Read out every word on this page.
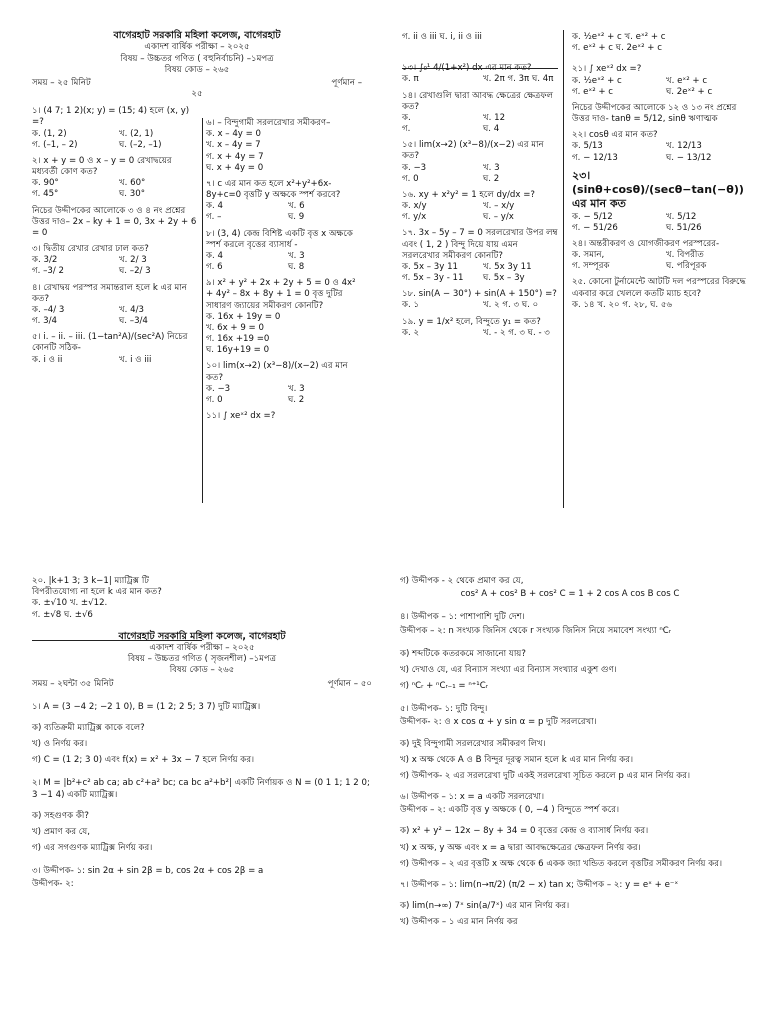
বাগেরহাট সরকারি মহিলা কলেজ, বাগেরহাট
একাদশ বার্ষিক পরীক্ষা – ২০২৫
বিষয় – উচ্চতর গণিত ( বহুনির্বাচনি) –১মপত্র
বিষয় কোড – ২৬৫
সময় – ২৫ মিনিট	পূর্ণমান –
২৫
১। (4 7; 1 2)(x; y) = (15; 4) হলে (x, y) =?
ক. (1, 2)	খ. (2, 1)
গ. (–1, – 2)	ঘ. (–2, –1)
২। x + y = 0 ও x – y = 0 রেখাদ্বয়ের মধ্যবর্তী কোণ কত?
ক. 90°	খ. 60°
গ. 45°	ঘ. 30°
নিচের উদ্দীপকের আলোকে ৩ ও ৪ নং প্রশ্নের উত্তর দাও– 2x – ky + 1 = 0, 3x + 2y + 6 = 0
৩। দ্বিতীয় রেখার রেখার ঢাল কত?
ক. 3/2	খ. 2/ 3
গ. –3/ 2	ঘ. –2/ 3
৪। রেখাদ্বয় পরস্পর সমান্তরাল হলে k এর মান কত?
ক. –4/ 3	খ. 4/3
গ. 3/4	ঘ. –3/4
৫। i. – ii. – iii. (1−tan²A)/(sec²A) নিচের কোনটি সঠিক-
ক. i ও ii	খ. i ও iii
৬। – বিন্দুগামী সরলরেখার সমীকরণ–
ক. x – 4y = 0
খ. x – 4y = 7
গ. x + 4y = 7
ঘ. x + 4y = 0
৭। c এর মান কত হলে x²+y²+6x-8y+c=0 বৃত্তটি y অক্ষকে স্পর্শ করবে?
ক. 4	খ. 6
গ. –	ঘ. 9
৮। (3, 4) কেন্দ্র বিশিষ্ট একটি বৃত্ত x অক্ষকে স্পর্শ করলে বৃত্তের ব্যাসার্ধ -
ক. 4	খ. 3
গ. 6	ঘ. 8
৯। x² + y² + 2x + 2y + 5 = 0 ও 4x² + 4y² – 8x + 8y + 1 = 0 বৃত্ত দুটির সাধারণ জ্যায়ের সমীকরণ কোনটি?
ক. 16x + 19y = 0
খ. 6x + 9 = 0
গ. 16x +19 =0
ঘ. 16y+19 = 0
১০। lim(x→2) (x³−8)/(x−2) এর মান কত?
ক. −3	খ. 3
গ. 0	ঘ. 2
১১। ∫ xeˣ² dx =?
গ. ii ও iii ঘ. i, ii ও iii
১৩। ∫₀¹ 4/(1+x²) dx এর মান কত?
ক. π	খ. 2π গ. 3π ঘ. 4π
১৪। রেখাগুলি দ্বারা আবদ্ধ ক্ষেত্রের ক্ষেত্রফল কত?
ক.	খ. 12
গ.	ঘ. 4
১৫। lim(x→2) (x³−8)/(x−2) এর মান কত?
ক. −3	খ. 3
গ. 0	ঘ. 2
১৬. xy + x²y² = 1 হলে dy/dx =?
ক. x/y	খ. – x/y
গ. y/x	ঘ. – y/x
১৭. 3x – 5y – 7 = 0 সরলরেখার উপর লম্ব এবং ( 1, 2 ) বিন্দু দিয়ে যায় এমন সরলরেখার সমীকরণ কোনটি?
ক. 5x – 3y 11	খ. 5x 3y 11
গ. 5x – 3y - 11	ঘ. 5x – 3y
১৮. sin(A − 30°) + sin(A + 150°) =?
ক. ১	খ. ২ গ. ৩ ঘ. ০
১৯. y = 1/x² হলে, বিন্দুতে y₁ = কত?
ক. ২	খ. - ২ গ. ৩ ঘ. - ৩
ক. ½eˣ² + c খ. eˣ² + c
গ. eˣ² + c ঘ. 2eˣ² + c
২১। ∫ xeˣ² dx =?
ক. ½eˣ² + c	খ. eˣ² + c
গ. eˣ² + c	ঘ. 2eˣ² + c
নিচের উদ্দীপকের আলোকে ১২ ও ১৩ নং প্রশ্নের উত্তর দাও- tanθ = 5/12, sinθ ঋণাত্মক
২২। cosθ এর মান কত?
ক. 5/13	খ. 12/13
গ. − 12/13	ঘ. − 13/12
২৩। (sinθ+cosθ)/(secθ−tan(−θ)) এর মান কত
ক. − 5/12	খ. 5/12
গ. − 51/26	ঘ. 51/26
২৪। অন্তরীকরণ ও যোগজীকরণ পরস্পরের-
ক. সমান,	খ. বিপরীত
গ. সম্পূরক	ঘ. পরিপূরক
২৫. কোনো টুর্নামেন্টে আটটি দল পরস্পরের বিরুদ্ধে একবার করে খেললে কতটি ম্যাচ হবে?
ক. ১৪ খ. ২০ গ. ২৮, ঘ. ৫৬
২০. |k+1 3; 3 k−1| ম্যাট্রিক্স টি
বিপরীতযোগ্য না হলে k এর মান কত?
ক. ±√10 খ. ±√12.
গ. ±√8 ঘ. ±√6
বাগেরহাট সরকারি মহিলা কলেজ, বাগেরহাট
একাদশ বার্ষিক পরীক্ষা – ২০২৫
বিষয় – উচ্চতর গণিত ( সৃজনশীল) –১মপত্র
বিষয় কোড – ২৬৫
সময় – ২ঘন্টা ৩৫ মিনিট	পূর্ণমান – ৫০

১। A = (3 −4 2; −2 1 0), B = (1 2; 2 5; 3 7) দুটি ম্যাট্রিক্স।

ক) ব্যতিক্রমী ম্যাট্রিক্স কাকে বলে?

খ) ও নির্ণয় কর।

গ) C = (1 2; 3 0) এবং f(x) = x² + 3x − 7 হলে নির্ণয় কর।

২। M = |b²+c² ab ca; ab c²+a² bc; ca bc a²+b²| একটি নির্ণায়ক ও N = (0 1 1; 1 2 0; 3 −1 4) একটি ম্যাট্রিক্স।

ক) সহগুণক কী?

খ) প্রমাণ কর যে,

গ) এর সগগুণক ম্যাট্রিক্স নির্ণয় কর।

৩। উদ্দীপক- ১: sin 2α + sin 2β = b, cos 2α + cos 2β = a

উদ্দীপক- ২:

গ) উদ্দীপক - ২ থেকে প্রমাণ কর যে,

cos² A + cos² B + cos² C = 1 + 2 cos A cos B cos C

৪। উদ্দীপক – ১: পাশাপাশি দুটি দেশ।

উদ্দীপক – ২: n সংখ্যক জিনিস থেকে r সংখ্যক জিনিস নিয়ে সমাবেশ সংখ্যা ⁿCᵣ

ক) শব্দটিকে কতরকমে সাজানো যায়?

খ) দেখাও যে, এর বিন্যাস সংখ্যা এর বিন্যাস সংখ্যার একুশ গুণ।

গ) ⁿCᵣ + ⁿCᵣ₋₁ = ⁿ⁺¹Cᵣ

৫। উদ্দীপক- ১: দুটি বিন্দু।

উদ্দীপক- ২: ও x cos α + y sin α = p দুটি সরলরেখা।

ক) দুই বিন্দুগামী সরলরেখার সমীকরণ লিখ।

খ) x অক্ষ থেকে A ও B বিন্দুর দূরত্ব সমান হলে k এর মান নির্ণয় কর।

গ) উদ্দীপক- ২ এর সরলরেখা দুটি একই সরলরেখা সূচিত করলে p এর মান নির্ণয় কর।

৬। উদ্দীপক – ১: x = a একটি সরলরেখা।

উদ্দীপক – ২: একটি বৃত্ত y অক্ষকে ( 0, −4 ) বিন্দুতে স্পর্শ করে।

ক) x² + y² − 12x − 8y + 34 = 0 বৃত্তের কেন্দ্র ও ব্যাসার্ধ নির্ণয় কর।

খ) x অক্ষ, y অক্ষ এবং x = a দ্বারা আবদ্ধক্ষেত্রের ক্ষেত্রফল নির্ণয় কর।

গ) উদ্দীপক – ২ এর বৃত্তটি x অক্ষ থেকে 6 একক জ্যা খন্ডিত করলে বৃত্তটির সমীকরণ নির্ণয় কর।

৭। উদ্দীপক – ১: lim(n→π/2) (π/2 − x) tan x; উদ্দীপক – ২: y = eˣ + e⁻ˣ

ক) lim(n→∞) 7ˣ sin(a/7ˣ) এর মান নির্ণয় কর।

খ) উদ্দীপক – ১ এর মান নির্ণয় কর
